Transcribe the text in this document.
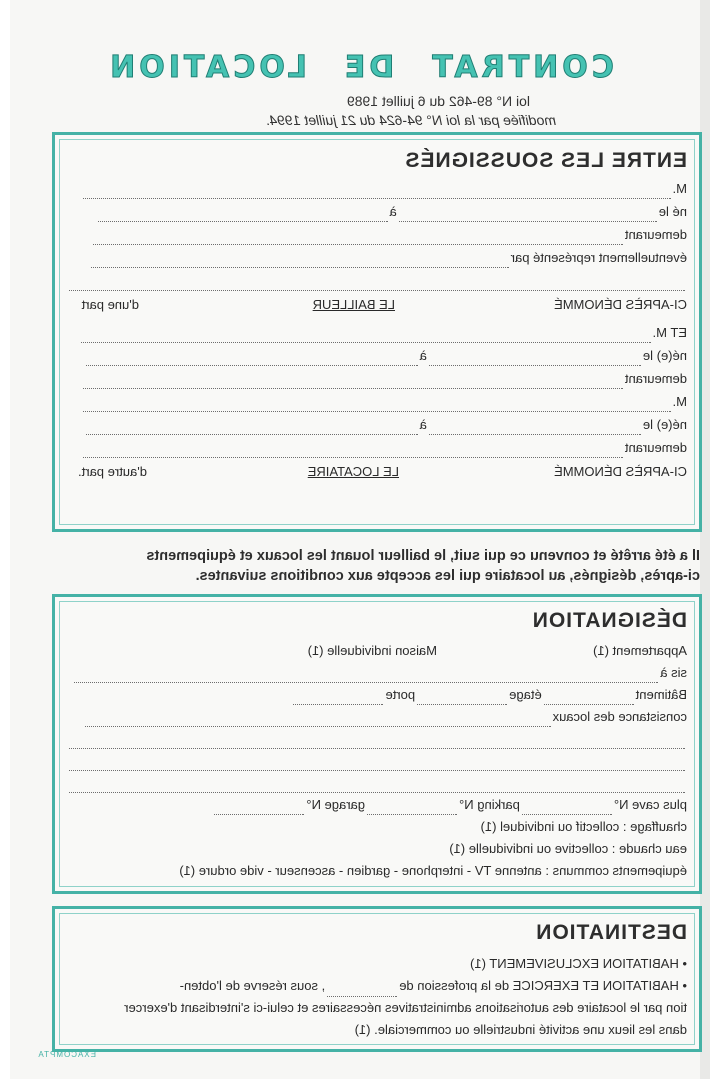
CONTRATDELOCATION
loi N° 89-462 du 6 juillet 1989
modifiée par la loi N° 94-624 du 21 juillet 1994.
ENTRE LES SOUSSIGNÉS
M.
né leà
demeurant
éventuellement représenté par
CI-APRÈS DÉNOMMÉ
LE BAILLEUR
d'une part
ET M.
né(e) leà
demeurant
M.
né(e) leà
demeurant
CI-APRÈS DÉNOMMÉ
LE LOCATAIRE
d'autre part.
Il a été arrêté et convenu ce qui suit, le bailleur louant les locaux et équipements
ci-après, désignés, au locataire qui les accepte aux conditions suivantes.
DÉSIGNATION
Appartement (1)
Maison individuelle (1)
sis à
Bâtimentétageporte
consistance des locaux
plus cave N°parking N°garage N°
chauffage : collectif ou individuel (1)
eau chaude : collective ou individuelle (1)
équipements communs : antenne TV - interphone - gardien - ascenseur - vide ordure (1)
DESTINATION
• HABITATION EXCLUSIVEMENT (1)
• HABITATION ET EXERCICE de la profession de, sous réserve de l'obten-
tion par le locataire des autorisations administratives nécessaires et celui-ci s'interdisant d'exercer
dans les lieux une activité industrielle ou commerciale. (1)
EXACOMPTA
